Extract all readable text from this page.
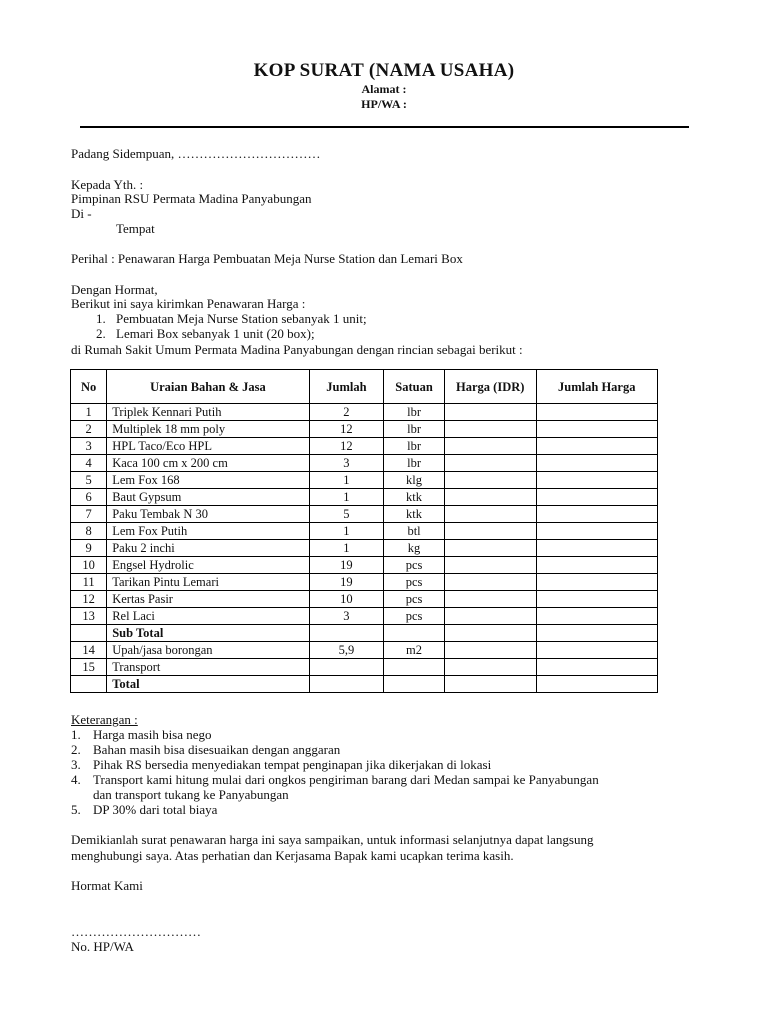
KOP SURAT (NAMA USAHA)
Alamat :
HP/WA :
Padang Sidempuan, ……………………………
Kepada Yth. :
Pimpinan RSU Permata Madina Panyabungan
Di -
Tempat
Perihal : Penawaran Harga Pembuatan Meja Nurse Station dan Lemari Box
Dengan Hormat,
Berikut ini saya kirimkan Penawaran Harga :
1. Pembuatan Meja Nurse Station sebanyak 1 unit;
2. Lemari Box sebanyak 1 unit (20 box);
di Rumah Sakit Umum Permata Madina Panyabungan dengan rincian sebagai berikut :
No	Uraian Bahan & Jasa	Jumlah	Satuan	Harga (IDR)	Jumlah Harga
1	Triplek Kennari Putih	2	lbr		
2	Multiplek 18 mm poly	12	lbr		
3	HPL Taco/Eco HPL	12	lbr		
4	Kaca 100 cm x 200 cm	3	lbr		
5	Lem Fox 168	1	klg		
6	Baut Gypsum	1	ktk		
7	Paku Tembak N 30	5	ktk		
8	Lem Fox Putih	1	btl		
9	Paku 2 inchi	1	kg		
10	Engsel Hydrolic	19	pcs		
11	Tarikan Pintu Lemari	19	pcs		
12	Kertas Pasir	10	pcs		
13	Rel Laci	3	pcs		
	Sub Total				
14	Upah/jasa borongan	5,9	m2		
15	Transport				
	Total				
Keterangan :
1. Harga masih bisa nego
2. Bahan masih bisa disesuaikan dengan anggaran
3. Pihak RS bersedia menyediakan tempat penginapan jika dikerjakan di lokasi
4. Transport kami hitung mulai dari ongkos pengiriman barang dari Medan sampai ke Panyabungan
dan transport tukang ke Panyabungan
5. DP 30% dari total biaya
Demikianlah surat penawaran harga ini saya sampaikan, untuk informasi selanjutnya dapat langsung
menghubungi saya. Atas perhatian dan Kerjasama Bapak kami ucapkan terima kasih.
Hormat Kami
…………………………
No. HP/WA
